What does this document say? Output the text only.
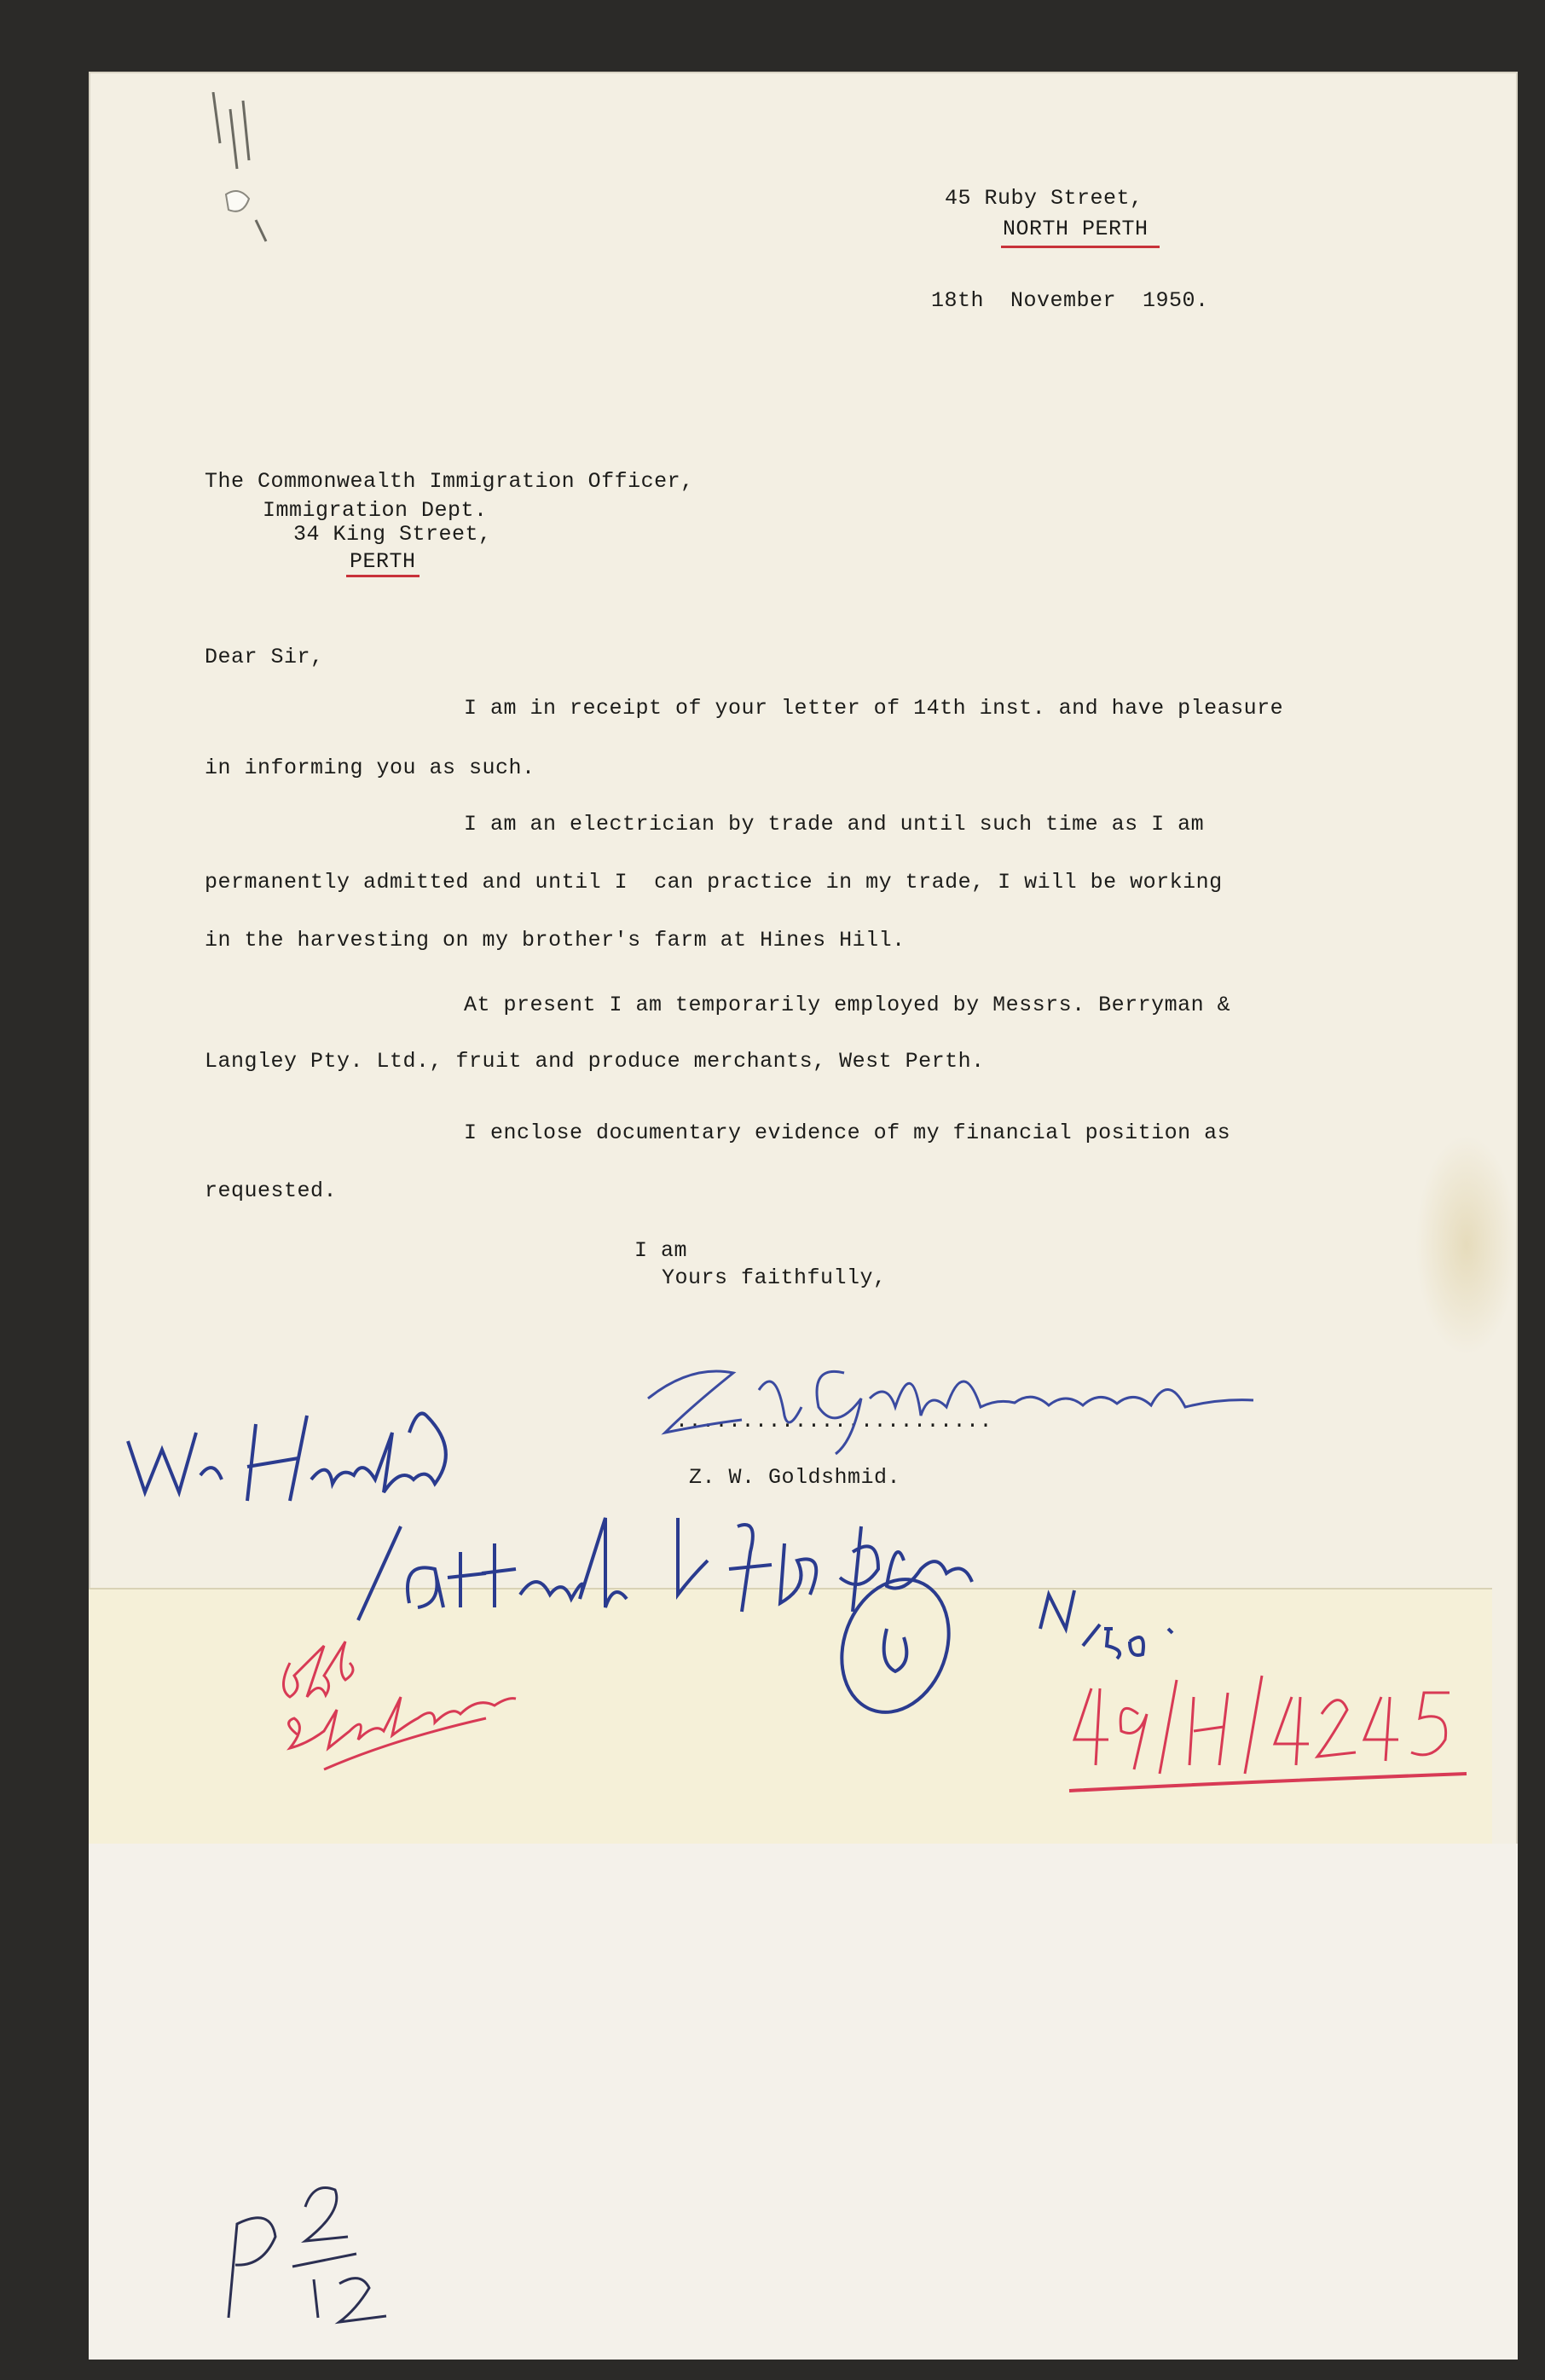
45 Ruby Street,
NORTH PERTH
18th  November  1950.
The Commonwealth Immigration Officer,
Immigration Dept.
34 King Street,
PERTH
Dear Sir,
I am in receipt of your letter of 14th inst. and have pleasure
in informing you as such.
I am an electrician by trade and until such time as I am
permanently admitted and until I  can practice in my trade, I will be working
in the harvesting on my brother's farm at Hines Hill.
At present I am temporarily employed by Messrs. Berryman &
Langley Pty. Ltd., fruit and produce merchants, West Perth.
I enclose documentary evidence of my financial position as
requested.
I am
Yours faithfully,
........................
Z. W. Goldshmid.
